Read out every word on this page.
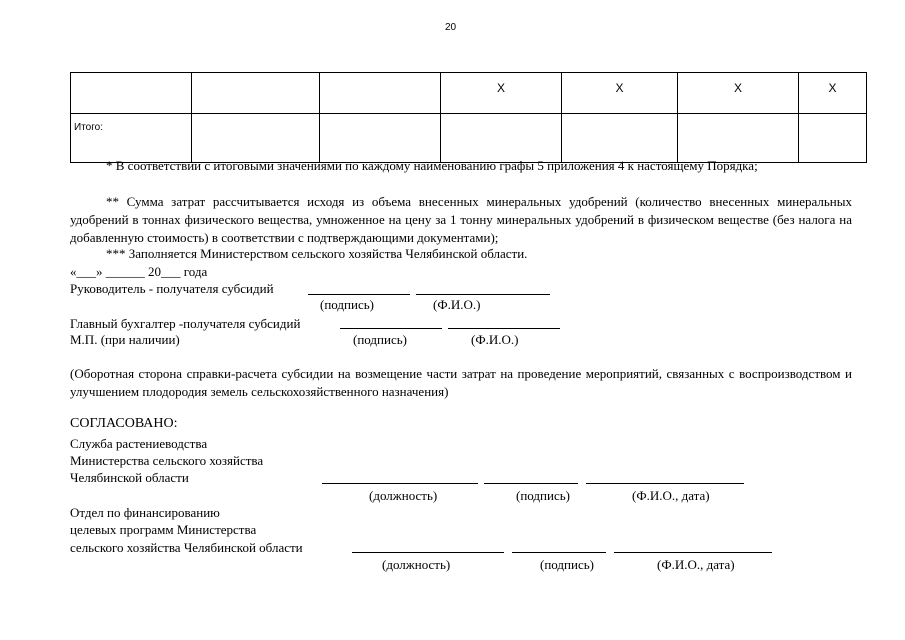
20
			X	X	X	X
Итого:						
* В соответствии с итоговыми значениями по каждому наименованию графы 5 приложения 4 к настоящему Порядка;
** Сумма затрат рассчитывается исходя из объема внесенных минеральных удобрений (количество внесенных минеральных удобрений в тоннах физического вещества, умноженное на цену за 1 тонну минеральных удобрений в физическом веществе (без налога на добавленную стоимость) в соответствии с подтверждающими документами);
*** Заполняется Министерством сельского хозяйства Челябинской области.
«___» ______ 20___ года
Руководитель - получателя субсидий
(подпись)	(Ф.И.О.)
Главный бухгалтер -получателя субсидий
М.П. (при наличии)	(подпись)	(Ф.И.О.)
(Оборотная сторона справки-расчета субсидии на возмещение части затрат на проведение мероприятий, связанных с воспроизводством и улучшением плодородия земель сельскохозяйственного назначения)
СОГЛАСОВАНО:
Служба растениеводства
Министерства сельского хозяйства
Челябинской области
(должность)	(подпись)	(Ф.И.О., дата)
Отдел по финансированию
целевых программ Министерства
сельского хозяйства Челябинской области
(должность)	(подпись)	(Ф.И.О., дата)
